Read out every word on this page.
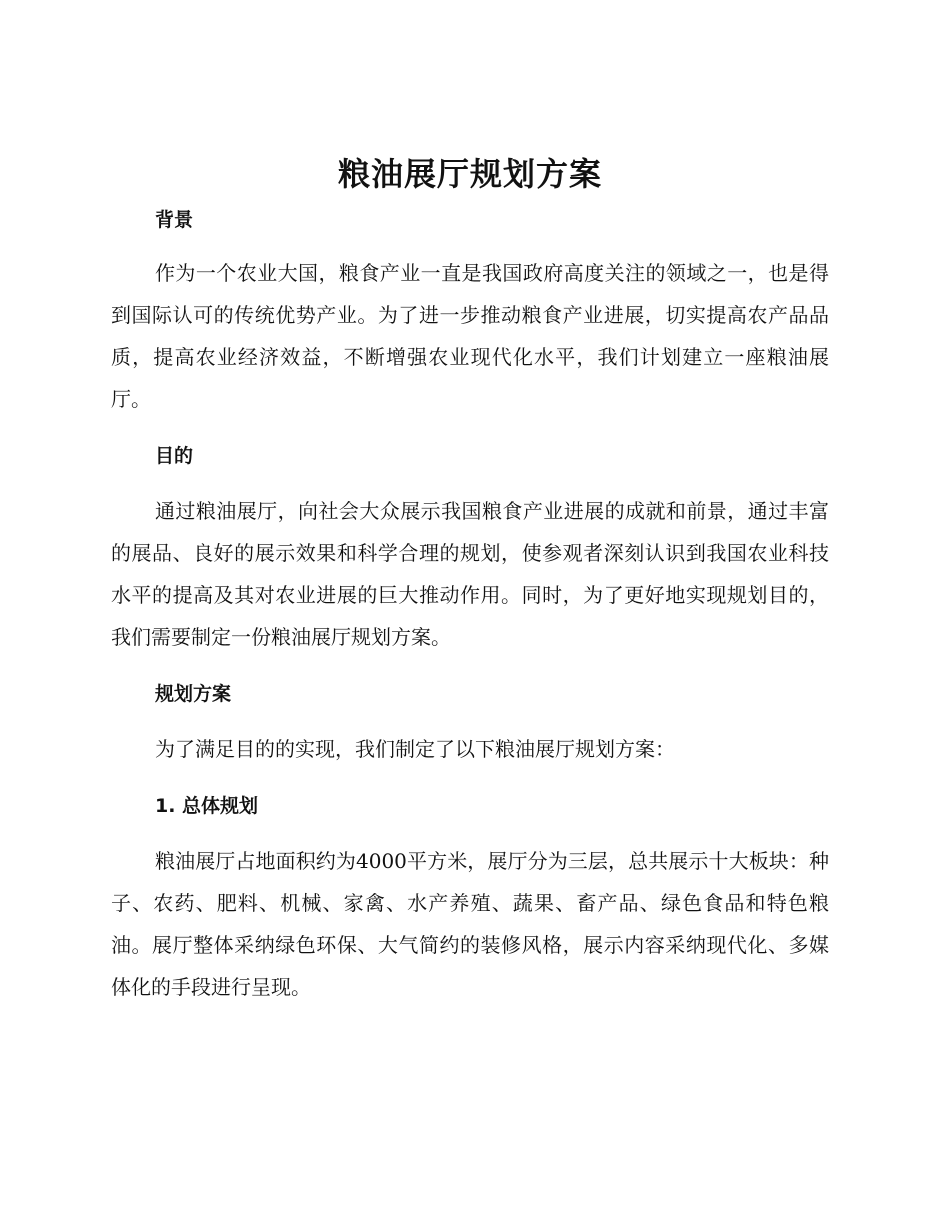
粮油展厅规划方案
背景

作为一个农业大国，粮食产业一直是我国政府高度关注的领域之一，也是得到国际认可的传统优势产业。为了进一步推动粮食产业进展，切实提高农产品品质，提高农业经济效益，不断增强农业现代化水平，我们计划建立一座粮油展厅。

目的

通过粮油展厅，向社会大众展示我国粮食产业进展的成就和前景，通过丰富的展品、良好的展示效果和科学合理的规划，使参观者深刻认识到我国农业科技水平的提高及其对农业进展的巨大推动作用。同时，为了更好地实现规划目的，我们需要制定一份粮油展厅规划方案。

规划方案

为了满足目的的实现，我们制定了以下粮油展厅规划方案：

1. 总体规划

粮油展厅占地面积约为4000平方米，展厅分为三层，总共展示十大板块：种子、农药、肥料、机械、家禽、水产养殖、蔬果、畜产品、绿色食品和特色粮油。展厅整体采纳绿色环保、大气简约的装修风格，展示内容采纳现代化、多媒体化的手段进行呈现。
